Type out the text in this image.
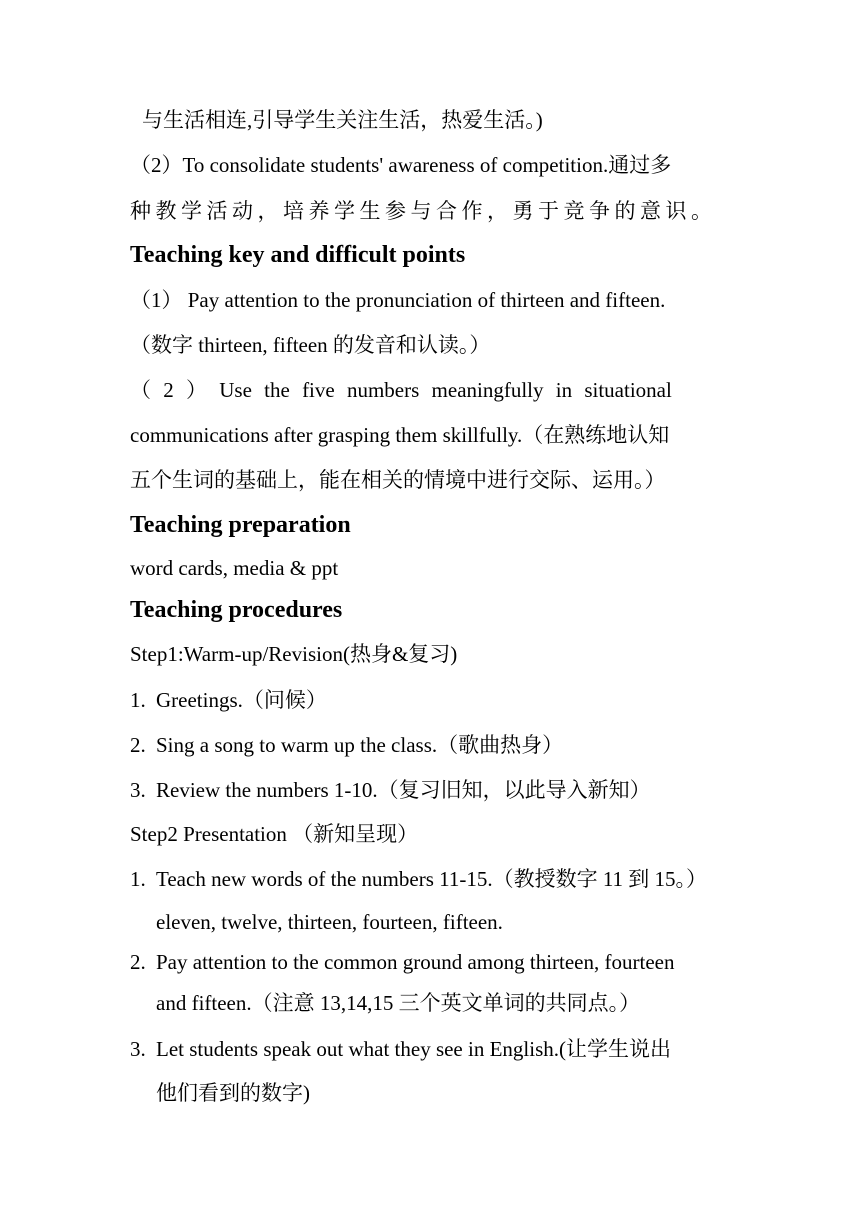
与生活相连,引导学生关注生活，热爱生活。)
（2）To consolidate students' awareness of competition.通过多
种教学活动，培养学生参与合作，勇于竞争的意识。
Teaching key and difficult points
（1） Pay attention to the pronunciation of thirteen and fifteen.
（数字 thirteen, fifteen 的发音和认读。）
（ 2 ） Use the five numbers meaningfully in situational
communications after grasping them skillfully.（在熟练地认知
五个生词的基础上，能在相关的情境中进行交际、运用。）
Teaching preparation
word cards, media & ppt
Teaching procedures
Step1:Warm-up/Revision(热身&复习)
1. Greetings.（问候）
2. Sing a song to warm up the class.（歌曲热身）
3. Review the numbers 1-10.（复习旧知，以此导入新知）
Step2 Presentation （新知呈现）
1. Teach new words of the numbers 11-15.（教授数字 11 到 15。）
eleven, twelve, thirteen, fourteen, fifteen.
2. Pay attention to the common ground among thirteen, fourteen
and fifteen.（注意 13,14,15 三个英文单词的共同点。）
3. Let students speak out what they see in English.(让学生说出
他们看到的数字)
